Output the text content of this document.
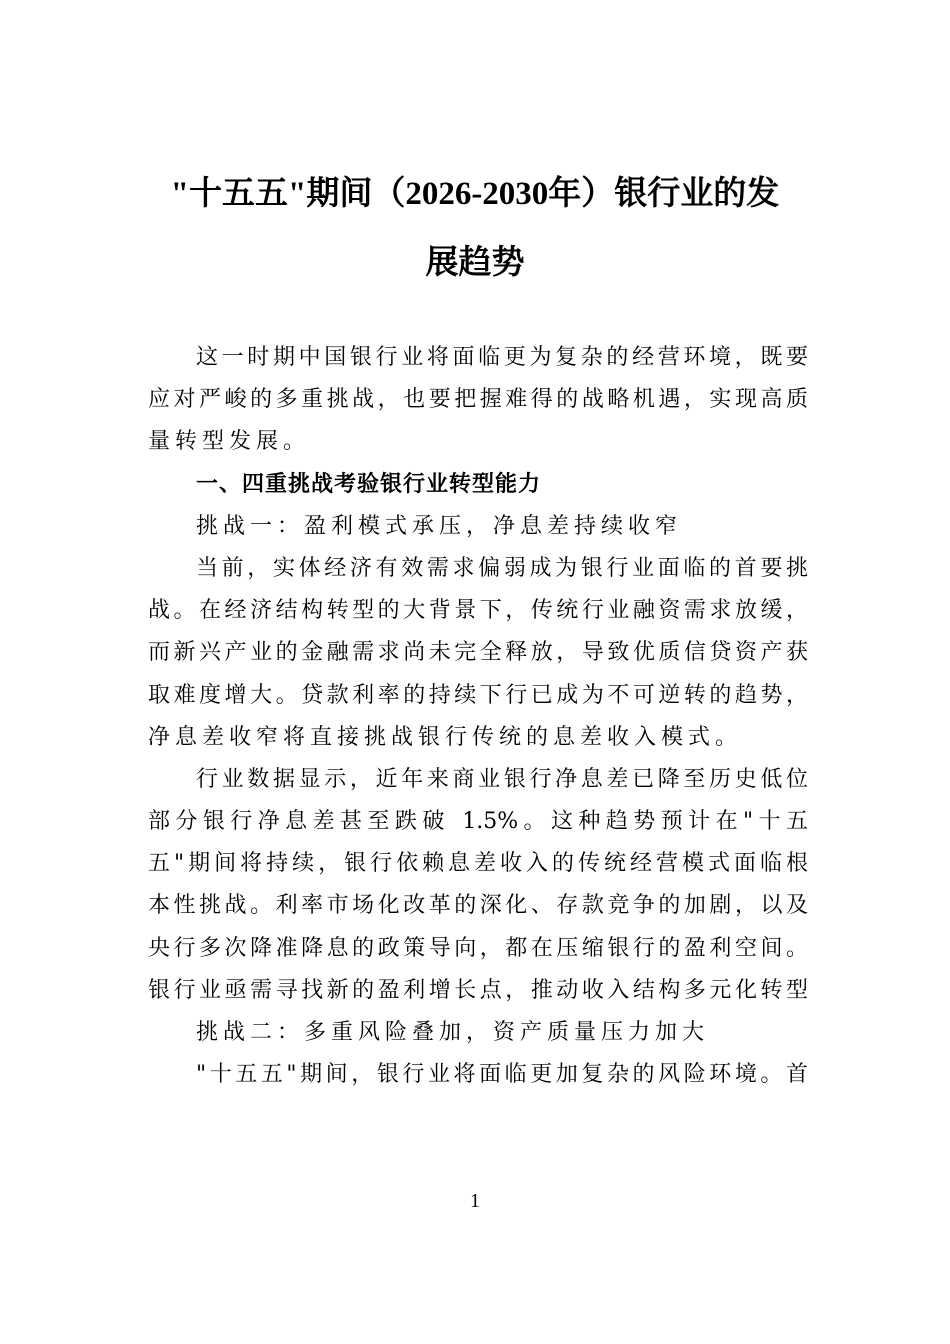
"十五五"期间（2026-2030年）银行业的发
展趋势
这一时期中国银行业将面临更为复杂的经营环境，既要
应对严峻的多重挑战，也要把握难得的战略机遇，实现高质
量转型发展。
一、四重挑战考验银行业转型能力
挑战一：盈利模式承压，净息差持续收窄
当前，实体经济有效需求偏弱成为银行业面临的首要挑
战。在经济结构转型的大背景下，传统行业融资需求放缓，
而新兴产业的金融需求尚未完全释放，导致优质信贷资产获
取难度增大。贷款利率的持续下行已成为不可逆转的趋势，
净息差收窄将直接挑战银行传统的息差收入模式。
行业数据显示，近年来商业银行净息差已降至历史低位
部分银行净息差甚至跌破 1.5%。这种趋势预计在"十五
五"期间将持续，银行依赖息差收入的传统经营模式面临根
本性挑战。利率市场化改革的深化、存款竞争的加剧，以及
央行多次降准降息的政策导向，都在压缩银行的盈利空间。
银行业亟需寻找新的盈利增长点，推动收入结构多元化转型
挑战二：多重风险叠加，资产质量压力加大
"十五五"期间，银行业将面临更加复杂的风险环境。首
1
